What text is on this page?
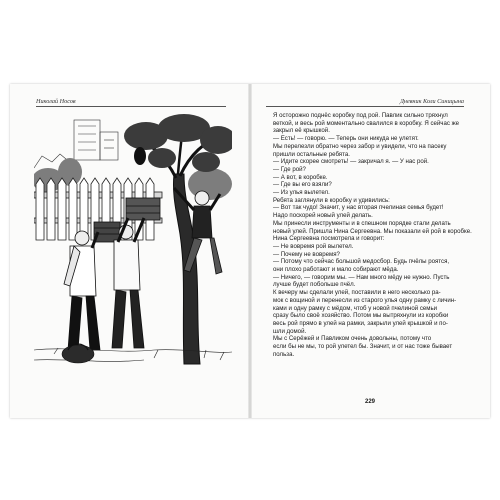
Николай Носов	Дневник Коли Синицына

Я осторожно поднёс коробку под рой. Павлик сильно тряхнул

веткой, и весь рой моментально свалился в коробку. Я сейчас же

закрыл её крышкой.

— Есть! — говорю. — Теперь они никуда не улетят.

Мы перелезли обратно через забор и увидели, что на пасеку

пришли остальные ребята.

— Идите скорее смотреть! — закричал я. — У нас рой.

— Где рой?

— А вот, в коробке.

— Где вы его взяли?

— Из улья вылетел.

Ребята заглянули в коробку и удивились:

— Вот так чудо! Значит, у нас вторая пчелиная семья будет!

Надо поскорей новый улей делать.

Мы принесли инструменты и в спешном порядке стали делать

новый улей. Пришла Нина Сергеевна. Мы показали ей рой в коробке.

Нина Сергеевна посмотрела и говорит:

— Не вовремя рой вылетел.

— Почему не вовремя?

— Потому что сейчас большой медосбор. Будь пчёлы роятся,

они плохо работают и мало собирают мёда.

— Ничего, — говорим мы. — Нам много мёду не нужно. Пусть

лучше будет побольше пчёл.

К вечеру мы сделали улей, поставили в него несколько ра-

мок с вощиной и перенесли из старого улья одну рамку с личин-

ками и одну рамку с мёдом, чтоб у новой пчелиной семьи

сразу было своё хозяйство. Потом мы вытряхнули из коробки

весь рой прямо в улей на рамки, закрыли улей крышкой и по-

шли домой.

Мы с Серёжей и Павликом очень довольны, потому что

если бы не мы, то рой улетел бы. Значит, и от нас тоже бывает

польза.

229
